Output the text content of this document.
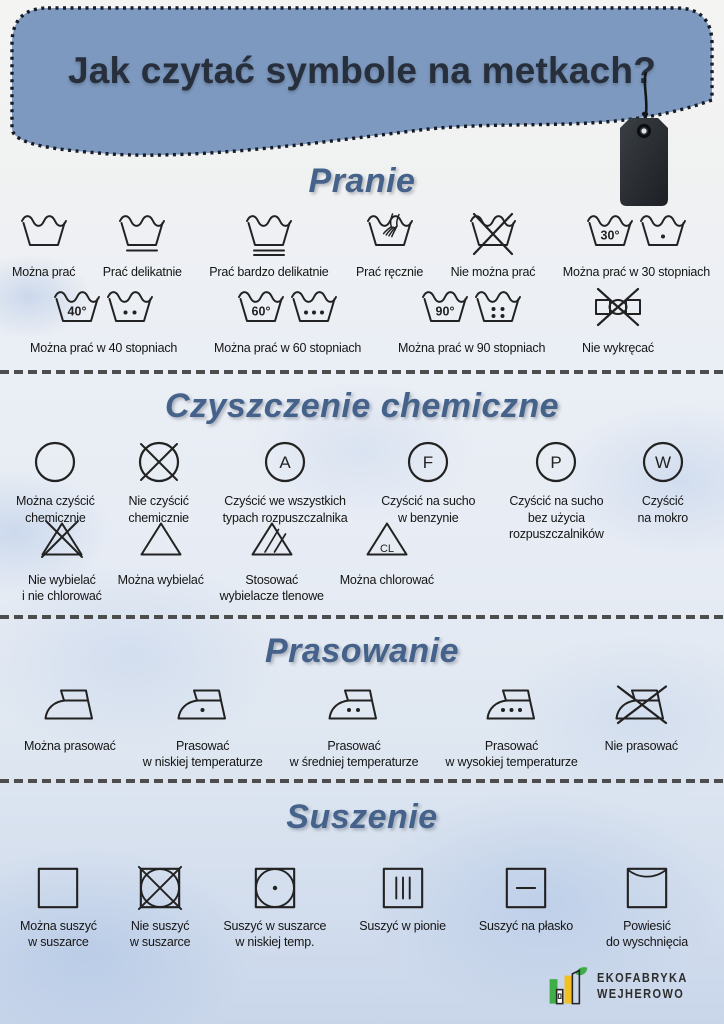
Jak czytać symbole na metkach?
Pranie
Można prać Prać delikatnie Prać bardzo delikatnie Prać ręcznie Nie można prać
30°
Można prać w 30 stopniach
40°
Można prać w 40 stopniach
60°
Można prać w 60 stopniach
90°
Można prać w 90 stopniach	Nie wykręcać
Czyszczenie chemiczne
Można czyścić
chemicznie
Nie czyścić
chemicznie
A
Czyścić we wszystkich
typach rozpuszczalnika
F
Czyścić na sucho
w benzynie
P
Czyścić na sucho
bez użycia
rozpuszczalników
W
Czyścić
na mokro
Nie wybielać
i nie chlorować
Można wybielać	Stosować
wybielacze tlenowe
CL
Można chlorować
Prasowanie
Można prasować	Prasować
w niskiej temperaturze
Prasować
w średniej temperaturze
Prasować
w wysokiej temperaturze
Nie prasować
Suszenie
Można suszyć
w suszarce
Nie suszyć
w suszarce
Suszyć w suszarce
w niskiej temp.
Suszyć w pionie	Suszyć na płasko	Powiesić
do wyschnięcia
EKOFABRYKA
WEJHEROWO
